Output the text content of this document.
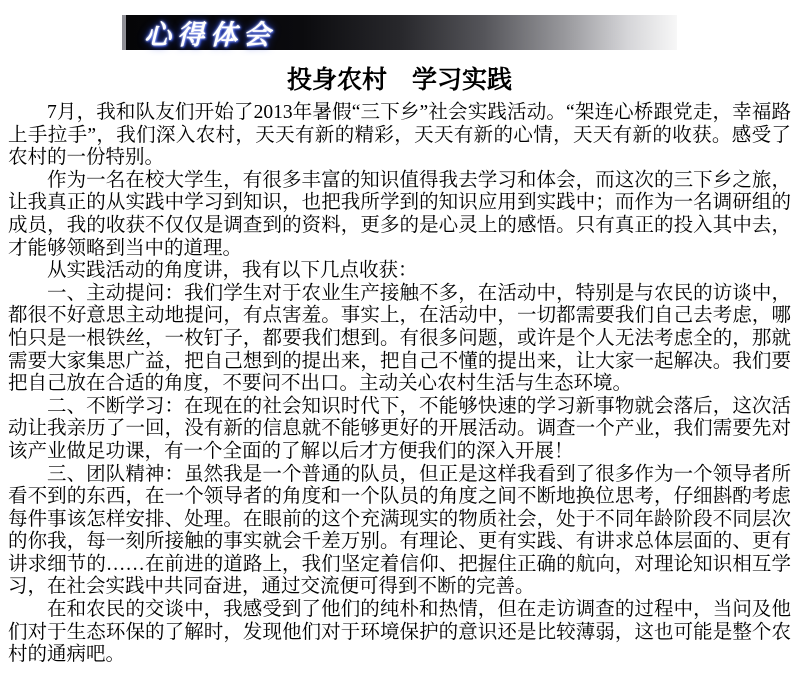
心得体会
投身农村　学习实践

7月，我和队友们开始了2013年暑假“三下乡”社会实践活动。“架连心桥跟党走，幸福路上手拉手”，我们深入农村，天天有新的精彩，天天有新的心情，天天有新的收获。感受了农村的一份特别。

作为一名在校大学生，有很多丰富的知识值得我去学习和体会，而这次的三下乡之旅，让我真正的从实践中学习到知识，也把我所学到的知识应用到实践中；而作为一名调研组的成员，我的收获不仅仅是调查到的资料，更多的是心灵上的感悟。只有真正的投入其中去，才能够领略到当中的道理。

从实践活动的角度讲，我有以下几点收获：

一、主动提问：我们学生对于农业生产接触不多，在活动中，特别是与农民的访谈中，都很不好意思主动地提问，有点害羞。事实上，在活动中，一切都需要我们自己去考虑，哪怕只是一根铁丝，一枚钉子，都要我们想到。有很多问题，或许是个人无法考虑全的，那就需要大家集思广益，把自己想到的提出来，把自己不懂的提出来，让大家一起解决。我们要把自己放在合适的角度，不要问不出口。主动关心农村生活与生态环境。

二、不断学习：在现在的社会知识时代下，不能够快速的学习新事物就会落后，这次活动让我亲历了一回，没有新的信息就不能够更好的开展活动。调查一个产业，我们需要先对该产业做足功课，有一个全面的了解以后才方便我们的深入开展！

三、团队精神：虽然我是一个普通的队员，但正是这样我看到了很多作为一个领导者所看不到的东西，在一个领导者的角度和一个队员的角度之间不断地换位思考，仔细斟酌考虑每件事该怎样安排、处理。在眼前的这个充满现实的物质社会，处于不同年龄阶段不同层次的你我，每一刻所接触的事实就会千差万别。有理论、更有实践、有讲求总体层面的、更有讲求细节的……在前进的道路上，我们坚定着信仰、把握住正确的航向，对理论知识相互学习，在社会实践中共同奋进，通过交流便可得到不断的完善。

在和农民的交谈中，我感受到了他们的纯朴和热情，但在走访调查的过程中，当问及他们对于生态环保的了解时，发现他们对于环境保护的意识还是比较薄弱，这也可能是整个农村的通病吧。
